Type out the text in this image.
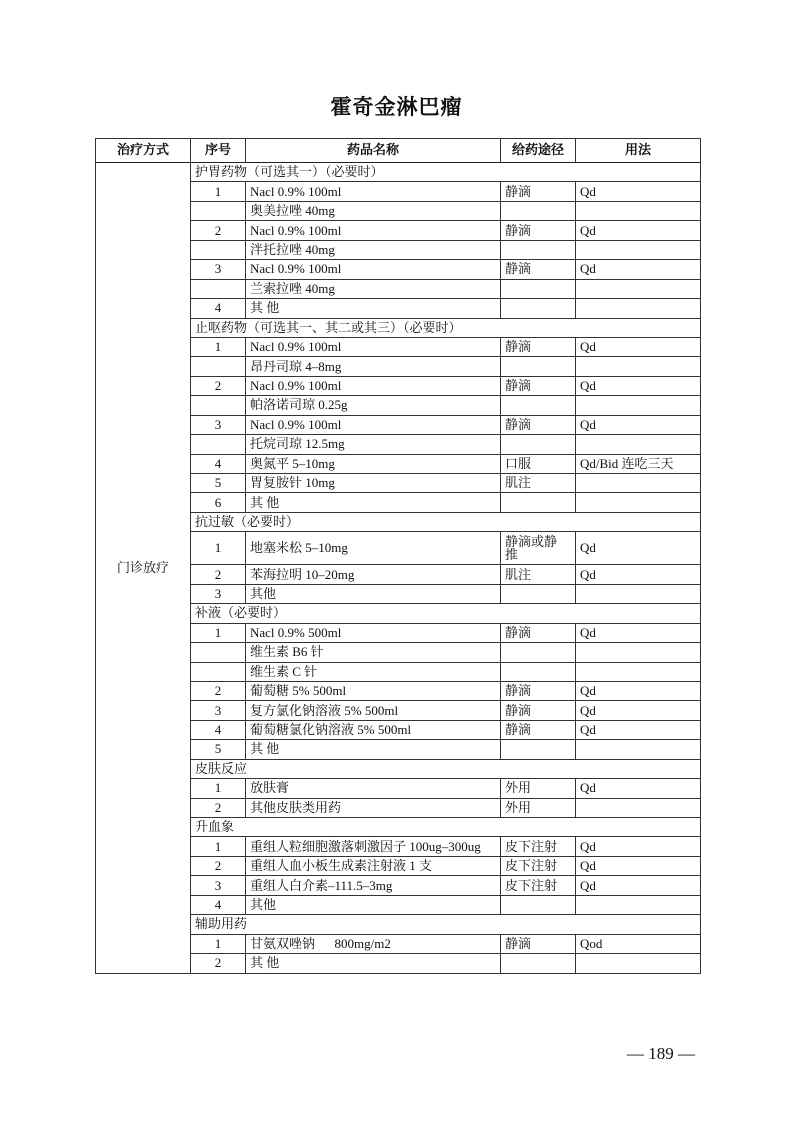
霍奇金淋巴瘤
治疗方式	序号	药品名称	给药途径	用法
门诊放疗	护胃药物（可选其一）（必要时）			
	1	Nacl 0.9% 100ml	静滴	Qd
		奥美拉唑 40mg		
	2	Nacl 0.9% 100ml	静滴	Qd
		泮托拉唑 40mg		
	3	Nacl 0.9% 100ml	静滴	Qd
		兰索拉唑 40mg		
	4	其 他		
	止呕药物（可选其一、其二或其三）（必要时）			
	1	Nacl 0.9% 100ml	静滴	Qd
		昂丹司琼 4–8mg		
	2	Nacl 0.9% 100ml	静滴	Qd
		帕洛诺司琼 0.25g		
	3	Nacl 0.9% 100ml	静滴	Qd
		托烷司琼 12.5mg		
	4	奥氮平 5–10mg	口服	Qd/Bid 连吃三天
	5	胃复胺针 10mg	肌注	
	6	其 他		
	抗过敏（必要时）			
	1	地塞米松 5–10mg	静滴或静推	Qd
	2	苯海拉明 10–20mg	肌注	Qd
	3	其他		
	补液（必要时）			
	1	Nacl 0.9% 500ml	静滴	Qd
		维生素 B6 针		
		维生素 C 针		
	2	葡萄糖 5% 500ml	静滴	Qd
	3	复方氯化钠溶液 5% 500ml	静滴	Qd
	4	葡萄糖氯化钠溶液 5% 500ml	静滴	Qd
	5	其 他		
	皮肤反应			
	1	放肤膏	外用	Qd
	2	其他皮肤类用药	外用	
	升血象			
	1	重组人粒细胞激落刺激因子 100ug–300ug	皮下注射	Qd
	2	重组人血小板生成素注射液 1 支	皮下注射	Qd
	3	重组人白介素–111.5–3mg	皮下注射	Qd
	4	其他		
	辅助用药			
	1	甘氨双唑钠      800mg/m2	静滴	Qod
	2	其 他		
— 189 —
